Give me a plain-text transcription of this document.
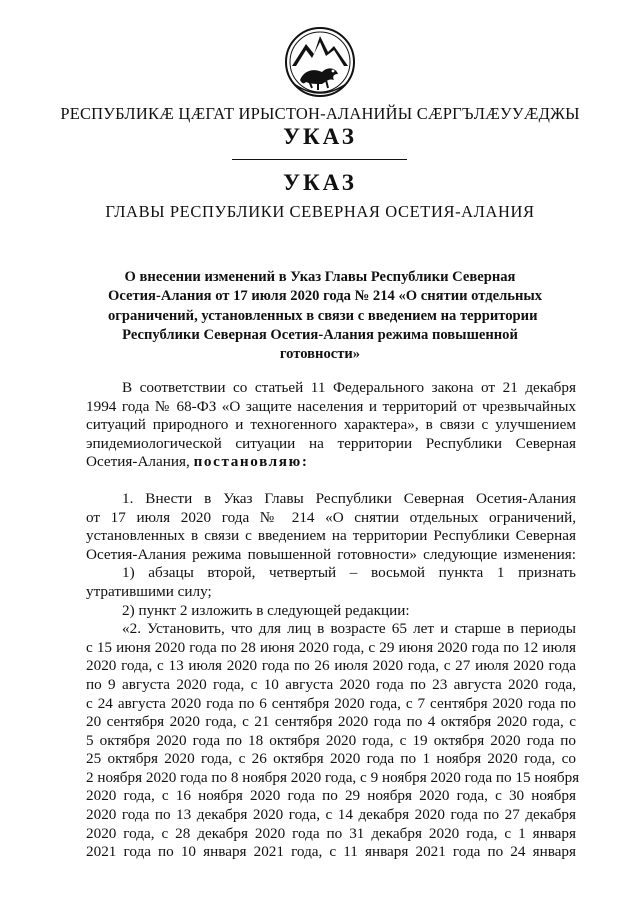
РЕСПУБЛИКӔ ЦӔГАТ ИРЫСТОН-АЛАНИЙЫ СӔРГЪЛӔУУӔДЖЫ
УКАЗ
УКАЗ
ГЛАВЫ РЕСПУБЛИКИ СЕВЕРНАЯ ОСЕТИЯ-АЛАНИЯ
О внесении изменений в Указ Главы Республики Северная
Осетия-Алания от 17 июля 2020 года № 214 «О снятии отдельных
ограничений, установленных в связи с введением на территории
Республики Северная Осетия-Алания режима повышенной
готовности»
В соответствии со статьей 11 Федерального закона от 21 декабря
1994 года № 68-ФЗ «О защите населения и территорий от чрезвычайных
ситуаций природного и техногенного характера», в связи с улучшением
эпидемиологической ситуации на территории Республики Северная
Осетия-Алания, постановляю:
1. Внести в Указ Главы Республики Северная Осетия-Алания
от 17 июля 2020 года № 214 «О снятии отдельных ограничений,
установленных в связи с введением на территории Республики Северная
Осетия-Алания режима повышенной готовности» следующие изменения:
1) абзацы второй, четвертый – восьмой пункта 1 признать
утратившими силу;
2) пункт 2 изложить в следующей редакции:
«2. Установить, что для лиц в возрасте 65 лет и старше в периоды
с 15 июня 2020 года по 28 июня 2020 года, с 29 июня 2020 года по 12 июля
2020 года, с 13 июля 2020 года по 26 июля 2020 года, с 27 июля 2020 года
по 9 августа 2020 года, с 10 августа 2020 года по 23 августа 2020 года,
с 24 августа 2020 года по 6 сентября 2020 года, с 7 сентября 2020 года по
20 сентября 2020 года, с 21 сентября 2020 года по 4 октября 2020 года, с
5 октября 2020 года по 18 октября 2020 года, с 19 октября 2020 года по
25 октября 2020 года, с 26 октября 2020 года по 1 ноября 2020 года, со
2 ноября 2020 года по 8 ноября 2020 года, с 9 ноября 2020 года по 15 ноября
2020 года, с 16 ноября 2020 года по 29 ноября 2020 года, с 30 ноября
2020 года по 13 декабря 2020 года, с 14 декабря 2020 года по 27 декабря
2020 года, с 28 декабря 2020 года по 31 декабря 2020 года, с 1 января
2021 года по 10 января 2021 года, с 11 января 2021 года по 24 января
